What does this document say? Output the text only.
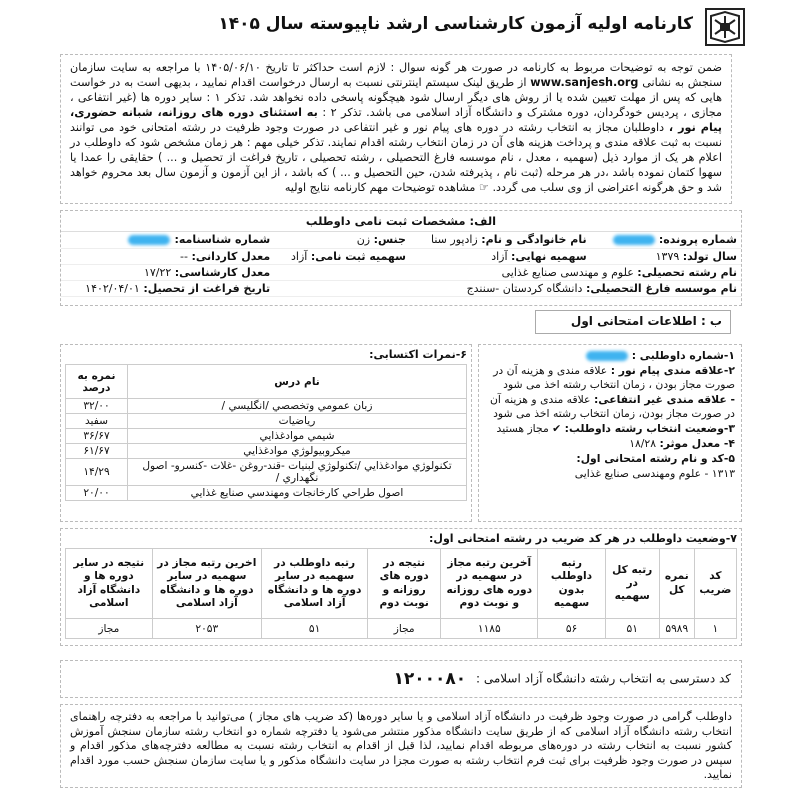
کارنامه اولیه آزمون کارشناسی ارشد ناپیوسته سال ۱۴۰۵
ضمن توجه به توضیحات مربوط به کارنامه در صورت هر گونه سوال : لازم است حداکثر تا تاریخ ۱۴۰۵/۰۶/۱۰ با مراجعه به سایت سازمان سنجش به نشانی www.sanjesh.org از طریق لینک سیستم اینترنتی نسبت به ارسال درخواست اقدام نمایید ، بدیهی است به در خواست هایی که پس از مهلت تعیین شده یا از روش های دیگر ارسال شود هیچگونه پاسخی داده نخواهد شد. تذکر ۱ : سایر دوره ها (غیر انتفاعی ، مجازی ، پردیس خودگردان، دوره مشترک و دانشگاه آزاد اسلامی می باشد. تذکر ۲ : به استثنای دوره های روزانه، شبانه حضوری، پیام نور ، داوطلبان مجاز به انتخاب رشته در دوره های پیام نور و غیر انتفاعی در صورت وجود ظرفیت در رشته امتحانی خود می توانند نسبت به ثبت علاقه مندی و پرداخت هزینه های آن در زمان انتخاب رشته اقدام نمایند. تذکر خیلی مهم : هر زمان مشخص شود که داوطلب در اعلام هر یک از موارد ذیل (سهمیه ، معدل ، نام موسسه فارغ التحصیلی ، رشته تحصیلی ، تاریخ فراغت از تحصیل و ... ) حقایقی را عمدا یا سهوا کتمان نموده باشد ،در هر مرحله (ثبت نام ، پذیرفته شدن، حین التحصیل و ... ) که باشد ، از این آزمون و آزمون سال بعد محروم خواهد شد و حق هرگونه اعتراضی از وی سلب می گردد. ☞ مشاهده توضیحات مهم کارنامه نتایج اولیه
الف: مشخصات ثبت نامی داوطلب
شماره پرونده:	نام خانوادگی و نام: زادپور سنا	جنس: زن	شماره شناسنامه:
سال تولد: ۱۳۷۹	سهمیه نهایی: آزاد	سهمیه ثبت نامی: آزاد	معدل کاردانی: --
نام رشته تحصیلی: علوم و مهندسی صنایع غذایی			معدل کارشناسی: ۱۷/۲۲
نام موسسه فارغ التحصیلی: دانشگاه کردستان -سنندج			تاریخ فراغت از تحصیل: ۱۴۰۲/۰۴/۰۱
ب : اطلاعات امتحانی اول

۱-شماره داوطلبی :

۲-علاقه مندی پیام نور : علاقه مندی و هزینه آن در صورت مجاز بودن ، زمان انتخاب رشته اخذ می شود

- علاقه مندی غیر انتفاعی: علاقه مندی و هزینه آن در صورت مجاز بودن، زمان انتخاب رشته اخذ می شود

۳-وضعیت انتخاب رشته داوطلب: ✔ مجاز هستید

۴- معدل موثر: ۱۸/۲۸

۵-کد و نام رشته امتحانی اول:

۱۳۱۳ - علوم ومهندسی صنایع غذایی

۶-نمرات اکتسابی:
نام درس	نمره به درصد
زبان عمومي وتخصصي /انگليسي /	۳۲/۰۰
رياضيات	سفيد
شيمي موادغذايي	۳۶/۶۷
ميكروبيولوژي موادغذايي	۶۱/۶۷
تكنولوژي موادغذايي /تكنولوژي لبنيات -قند-روغن -غلات -كنسرو- اصول نگهداري /	۱۴/۲۹
اصول طراحي كارخانجات ومهندسي صنايع غذايي	۲۰/۰۰
۷-وضعیت داوطلب در هر کد ضریب در رشته امتحانی اول:
کد ضریب	نمره کل	رتبه کل در سهمیه	رتبه داوطلب بدون سهمیه	آخرین رتبه مجاز در سهمیه در دوره های روزانه و نوبت دوم	نتیجه در دوره های روزانه و نوبت دوم	رتبه داوطلب در سهمیه در سایر دوره ها و دانشگاه آزاد اسلامی	اخرین رتبه مجاز در سهمیه در سایر دوره ها و دانشگاه آزاد اسلامی	نتیجه در سایر دوره ها و دانشگاه آزاد اسلامی
۱	۵۹۸۹	۵۱	۵۶	۱۱۸۵	مجاز	۵۱	۲۰۵۳	مجاز
کد دسترسی به انتخاب رشته دانشگاه آزاد اسلامی : ۱۲۰۰۰۸۰
داوطلب گرامی در صورت وجود ظرفیت در دانشگاه آزاد اسلامی و یا سایر دوره‌ها (کد ضریب های مجاز ) می‌توانید با مراجعه به دفترچه راهنمای انتخاب رشته دانشگاه آزاد اسلامی که از طریق سایت دانشگاه مذکور منتشر می‌شود یا دفترچه شماره دو انتخاب رشته سازمان سنجش آموزش کشور نسبت به انتخاب رشته در دوره‌های مربوطه اقدام نمایید، لذا قبل از اقدام به انتخاب رشته نسبت به مطالعه دفترچه‌های مذکور اقدام و سپس در صورت وجود ظرفیت برای ثبت فرم انتخاب رشته به صورت مجزا در سایت دانشگاه مذکور و یا سایت سازمان سنجش حسب مورد اقدام نمایید.
